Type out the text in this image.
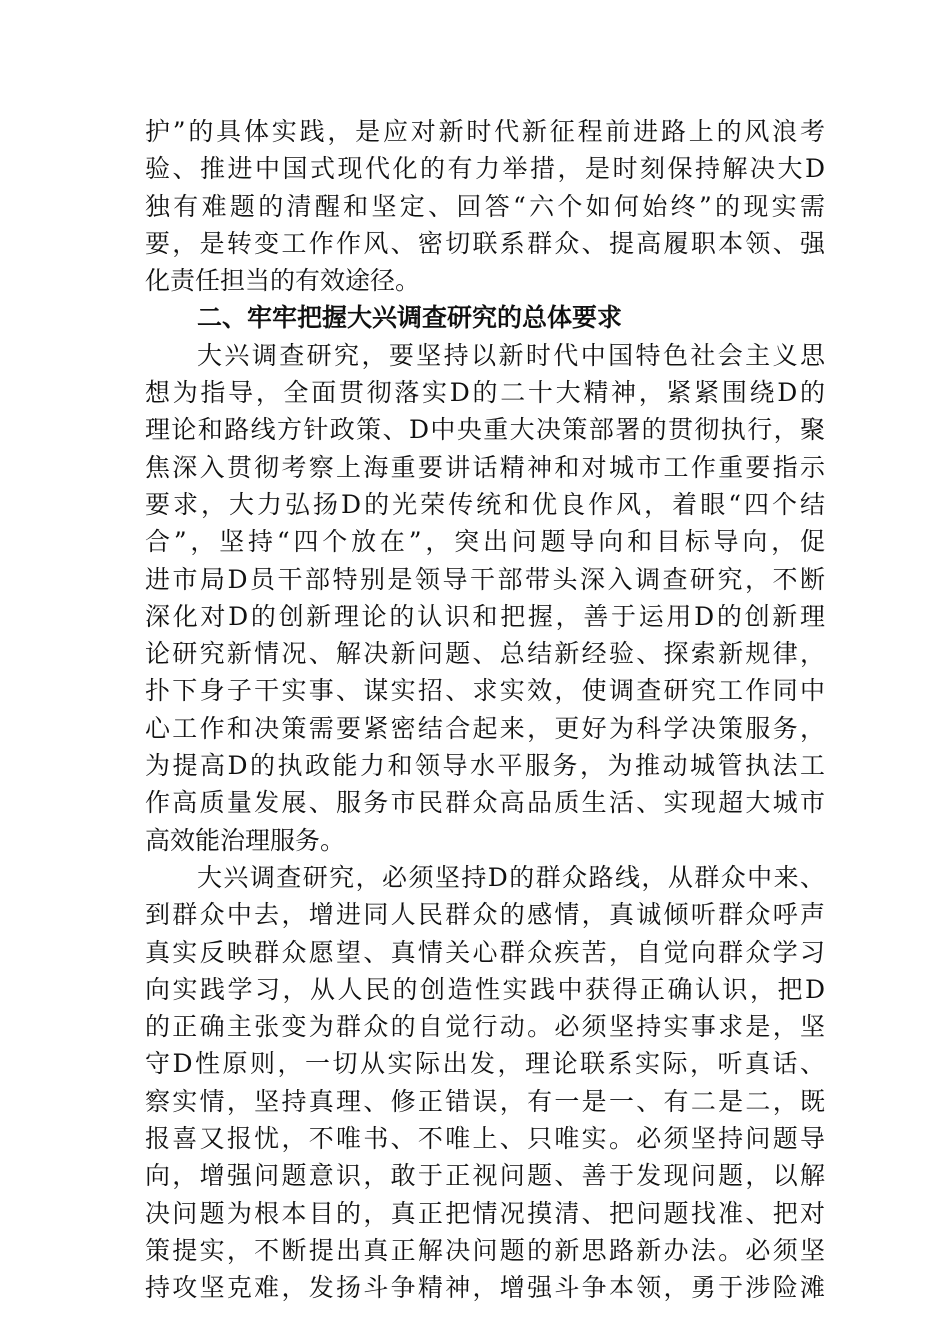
护”的具体实践，是应对新时代新征程前进路上的风浪考
验、推进中国式现代化的有力举措，是时刻保持解决大D
独有难题的清醒和坚定、回答“六个如何始终”的现实需
要，是转变工作作风、密切联系群众、提高履职本领、强
化责任担当的有效途径。
二、牢牢把握大兴调查研究的总体要求
大兴调查研究，要坚持以新时代中国特色社会主义思
想为指导，全面贯彻落实D的二十大精神，紧紧围绕D的
理论和路线方针政策、D中央重大决策部署的贯彻执行，聚
焦深入贯彻考察上海重要讲话精神和对城市工作重要指示
要求，大力弘扬D的光荣传统和优良作风，着眼“四个结
合”，坚持“四个放在”，突出问题导向和目标导向，促
进市局D员干部特别是领导干部带头深入调查研究，不断
深化对D的创新理论的认识和把握，善于运用D的创新理
论研究新情况、解决新问题、总结新经验、探索新规律，
扑下身子干实事、谋实招、求实效，使调查研究工作同中
心工作和决策需要紧密结合起来，更好为科学决策服务，
为提高D的执政能力和领导水平服务，为推动城管执法工
作高质量发展、服务市民群众高品质生活、实现超大城市
高效能治理服务。
大兴调查研究，必须坚持D的群众路线，从群众中来、
到群众中去，增进同人民群众的感情，真诚倾听群众呼声
真实反映群众愿望、真情关心群众疾苦，自觉向群众学习
向实践学习，从人民的创造性实践中获得正确认识，把D
的正确主张变为群众的自觉行动。必须坚持实事求是，坚
守D性原则，一切从实际出发，理论联系实际，听真话、
察实情，坚持真理、修正错误，有一是一、有二是二，既
报喜又报忧，不唯书、不唯上、只唯实。必须坚持问题导
向，增强问题意识，敢于正视问题、善于发现问题，以解
决问题为根本目的，真正把情况摸清、把问题找准、把对
策提实，不断提出真正解决问题的新思路新办法。必须坚
持攻坚克难，发扬斗争精神，增强斗争本领，勇于涉险滩
